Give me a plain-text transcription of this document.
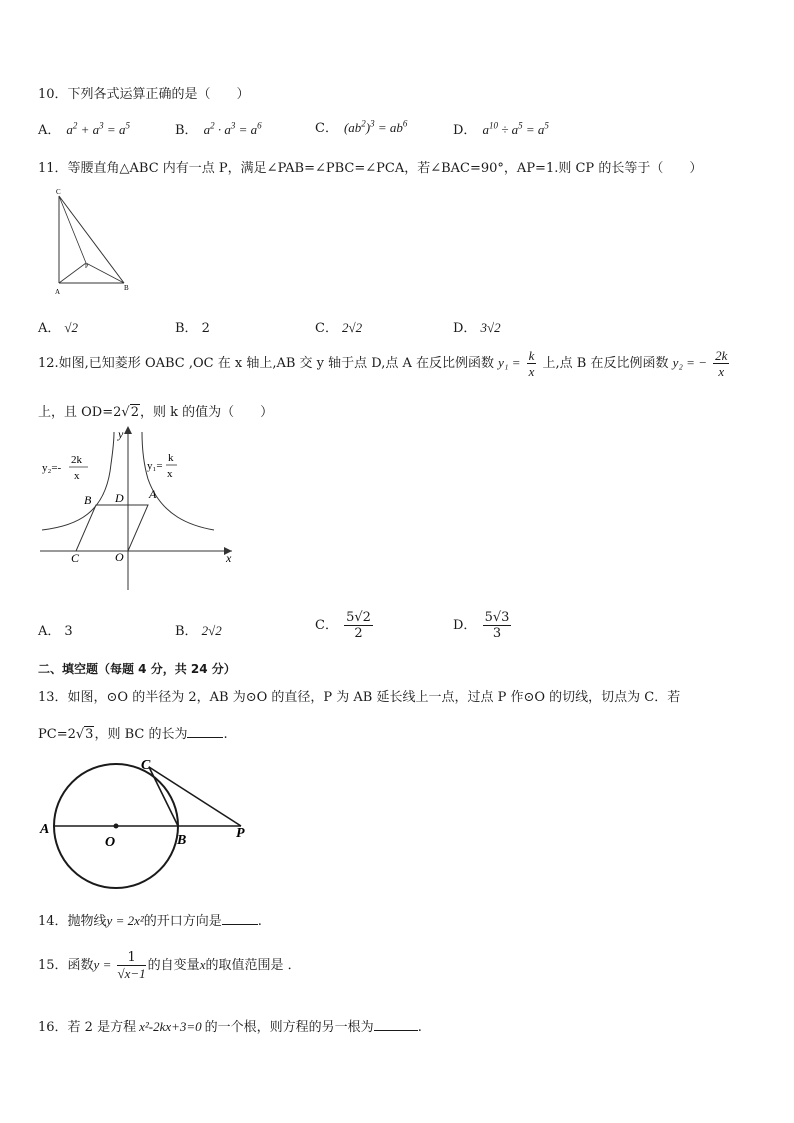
10．下列各式运算正确的是（　　）
A． $a^2 + a^3 = a^5$	B． $a^2 \cdot a^3 = a^6$	C． $(ab^2)^3 = ab^6$	D． $a^{10} \div a^5 = a^5$
11．等腰直角△ABC 内有一点 P，满足∠PAB=∠PBC=∠PCA，若∠BAC=90°，AP=1.则 CP 的长等于（　　）
C
A	B
P
A． √2	B． 2	C． 2√2	D． 3√2
12.如图,已知菱形 OABC ,OC 在 x 轴上,AB 交 y 轴于点 D,点 A 在反比例函数 $y_1 = \frac{k}{x}$ 上,点 B 在反比例函数 y₂ = − $\frac{2k}{x}$
上，且 OD=2√2，则 k 的值为（　　）
y₂=-
2k
x
y₁=
k
x
y
x
B D A
C	O
A． 3	B． 2√2	C． $\frac{5√2}{2}$	D． $\frac{5√3}{3}$
二、填空题（每题 4 分，共 24 分）
13．如图，⊙O 的半径为 2，AB 为⊙O 的直径，P 为 AB 延长线上一点，过点 P 作⊙O 的切线，切点为 C．若
PC=2√3，则 BC 的长为	.
A
O	B
C
P
14．抛物线y = 2x²的开口方向是	.
15．函数$y = \frac{1}{√x-1}$ 的自变量x的取值范围是 ．
16．若 2 是方程 x²-2kx+3=0 的一个根，则方程的另一根为	.
